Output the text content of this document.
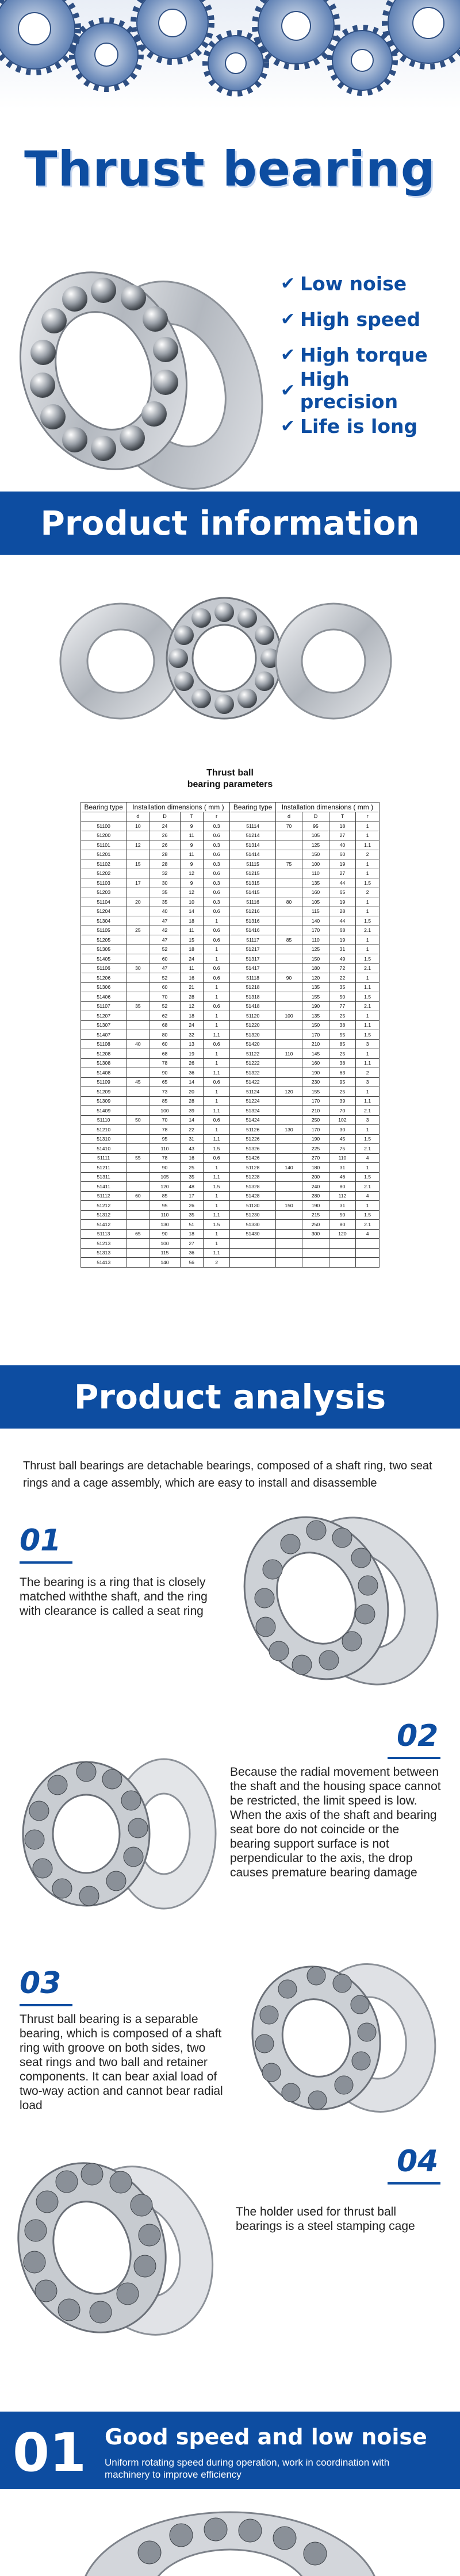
Thrust bearing
✔ Low noise
✔ High speed
✔ High torque
✔ High precision
✔ Life is long
Product information
Thrust ball
bearing parameters
Bearing type	Installation dimensions ( mm )				Bearing type	Installation dimensions ( mm )			
	d	D	T	r		d	D	T	r
51100	10	24	9	0.3	51114	70	95	18	1
51200		26	11	0.6	51214		105	27	1
51101	12	26	9	0.3	51314		125	40	1.1
51201		28	11	0.6	51414		150	60	2
51102	15	28	9	0.3	51115	75	100	19	1
51202		32	12	0.6	51215		110	27	1
51103	17	30	9	0.3	51315		135	44	1.5
51203		35	12	0.6	51415		160	65	2
51104	20	35	10	0.3	51116	80	105	19	1
51204		40	14	0.6	51216		115	28	1
51304		47	18	1	51316		140	44	1.5
51105	25	42	11	0.6	51416		170	68	2.1
51205		47	15	0.6	51117	85	110	19	1
51305		52	18	1	51217		125	31	1
51405		60	24	1	51317		150	49	1.5
51106	30	47	11	0.6	51417		180	72	2.1
51206		52	16	0.6	51118	90	120	22	1
51306		60	21	1	51218		135	35	1.1
51406		70	28	1	51318		155	50	1.5
51107	35	52	12	0.6	51418		190	77	2.1
51207		62	18	1	51120	100	135	25	1
51307		68	24	1	51220		150	38	1.1
51407		80	32	1.1	51320		170	55	1.5
51108	40	60	13	0.6	51420		210	85	3
51208		68	19	1	51122	110	145	25	1
51308		78	26	1	51222		160	38	1.1
51408		90	36	1.1	51322		190	63	2
51109	45	65	14	0.6	51422		230	95	3
51209		73	20	1	51124	120	155	25	1
51309		85	28	1	51224		170	39	1.1
51409		100	39	1.1	51324		210	70	2.1
51110	50	70	14	0.6	51424		250	102	3
51210		78	22	1	51126	130	170	30	1
51310		95	31	1.1	51226		190	45	1.5
51410		110	43	1.5	51326		225	75	2.1
51111	55	78	16	0.6	51426		270	110	4
51211		90	25	1	51128	140	180	31	1
51311		105	35	1.1	51228		200	46	1.5
51411		120	48	1.5	51328		240	80	2.1
51112	60	85	17	1	51428		280	112	4
51212		95	26	1	51130	150	190	31	1
51312		110	35	1.1	51230		215	50	1.5
51412		130	51	1.5	51330		250	80	2.1
51113	65	90	18	1	51430		300	120	4
51213		100	27	1					
51313		115	36	1.1					
51413		140	56	2					
Product analysis

Thrust ball bearings are detachable bearings, composed of a shaft ring, two seat rings and a cage assembly, which are easy to install and disassemble

01

The bearing is a ring that is closely matched withthe shaft, and the ring with clearance is called a seat ring

02

Because the radial movement between the shaft and the housing space cannot be restricted, the limit speed is low. When the axis of the shaft and bearing seat bore do not coincide or the bearing support surface is not perpendicular to the axis, the drop causes premature bearing damage

03

Thrust ball bearing is a separable bearing, which is composed of a shaft ring with groove on both sides, two seat rings and two ball and retainer components. It can bear axial load of two-way action and cannot bear radial load

04

The holder used for thrust ball bearings is a steel stamping cage

01 Good speed and low noise
Uniform rotating speed during operation, work in coordination with machinery to improve efficiency
